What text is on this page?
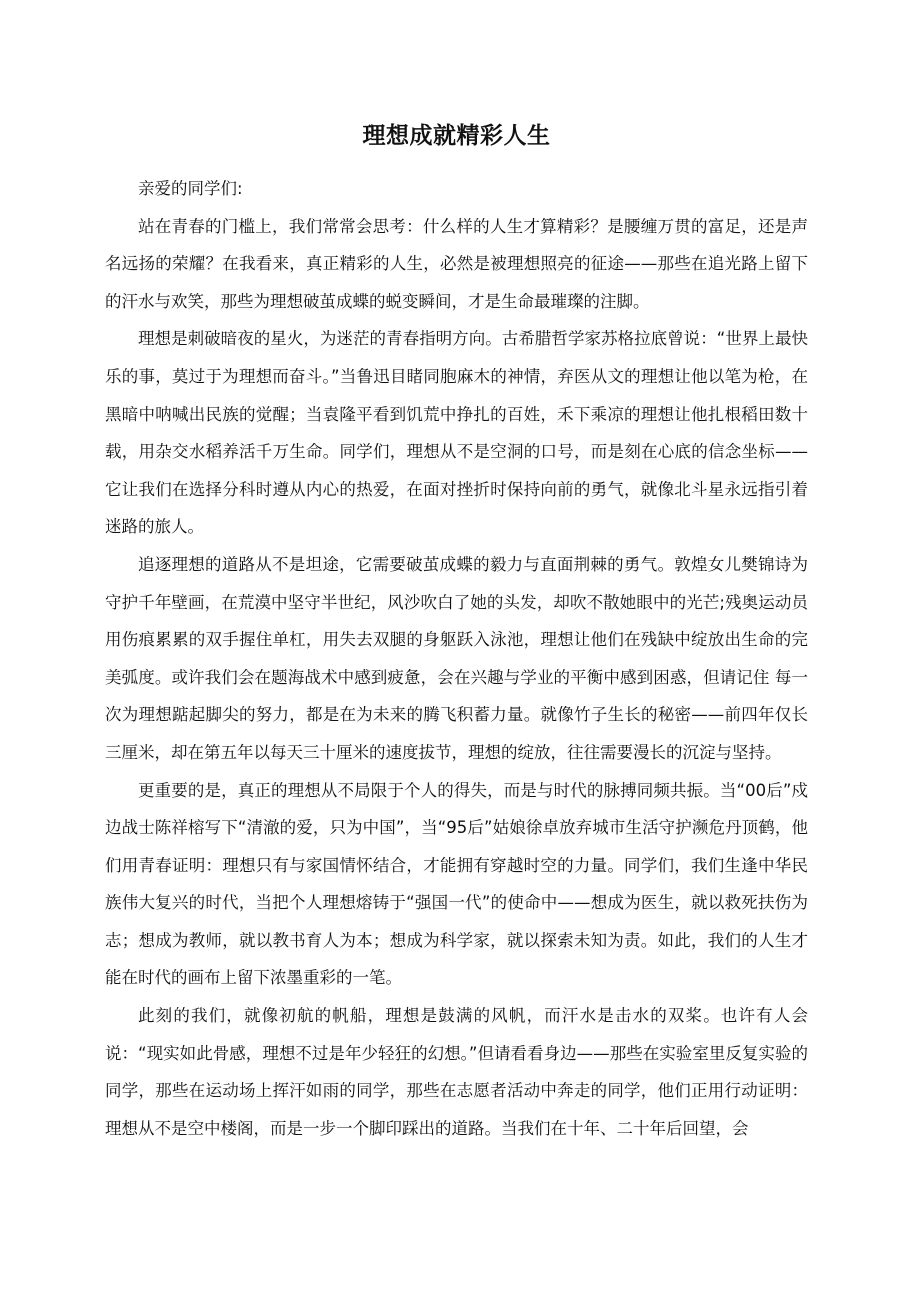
理想成就精彩人生

亲爱的同学们:

站在青春的门槛上，我们常常会思考：什么样的人生才算精彩？是腰缠万贯的富足，还是声名远扬的荣耀？在我看来，真正精彩的人生，必然是被理想照亮的征途——那些在追光路上留下的汗水与欢笑，那些为理想破茧成蝶的蜕变瞬间，才是生命最璀璨的注脚。

理想是刺破暗夜的星火，为迷茫的青春指明方向。古希腊哲学家苏格拉底曾说：“世界上最快乐的事，莫过于为理想而奋斗。”当鲁迅目睹同胞麻木的神情，弃医从文的理想让他以笔为枪，在黑暗中呐喊出民族的觉醒；当袁隆平看到饥荒中挣扎的百姓，禾下乘凉的理想让他扎根稻田数十载，用杂交水稻养活千万生命。同学们，理想从不是空洞的口号，而是刻在心底的信念坐标——它让我们在选择分科时遵从内心的热爱，在面对挫折时保持向前的勇气，就像北斗星永远指引着迷路的旅人。

追逐理想的道路从不是坦途，它需要破茧成蝶的毅力与直面荆棘的勇气。敦煌女儿樊锦诗为守护千年壁画，在荒漠中坚守半世纪，风沙吹白了她的头发，却吹不散她眼中的光芒;残奥运动员用伤痕累累的双手握住单杠，用失去双腿的身躯跃入泳池，理想让他们在残缺中绽放出生命的完美弧度。或许我们会在题海战术中感到疲惫，会在兴趣与学业的平衡中感到困惑，但请记住 每一次为理想踮起脚尖的努力，都是在为未来的腾飞积蓄力量。就像竹子生长的秘密——前四年仅长三厘米，却在第五年以每天三十厘米的速度拔节，理想的绽放，往往需要漫长的沉淀与坚持。

更重要的是，真正的理想从不局限于个人的得失，而是与时代的脉搏同频共振。当“00后”戍边战士陈祥榕写下“清澈的爱，只为中国”，当“95后”姑娘徐卓放弃城市生活守护濒危丹顶鹤，他们用青春证明：理想只有与家国情怀结合，才能拥有穿越时空的力量。同学们，我们生逢中华民族伟大复兴的时代，当把个人理想熔铸于“强国一代”的使命中——想成为医生，就以救死扶伤为志；想成为教师，就以教书育人为本；想成为科学家，就以探索未知为责。如此，我们的人生才能在时代的画布上留下浓墨重彩的一笔。

此刻的我们，就像初航的帆船，理想是鼓满的风帆，而汗水是击水的双桨。也许有人会说：“现实如此骨感，理想不过是年少轻狂的幻想。”但请看看身边——那些在实验室里反复实验的同学，那些在运动场上挥汗如雨的同学，那些在志愿者活动中奔走的同学，他们正用行动证明：理想从不是空中楼阁，而是一步一个脚印踩出的道路。当我们在十年、二十年后回望，会
